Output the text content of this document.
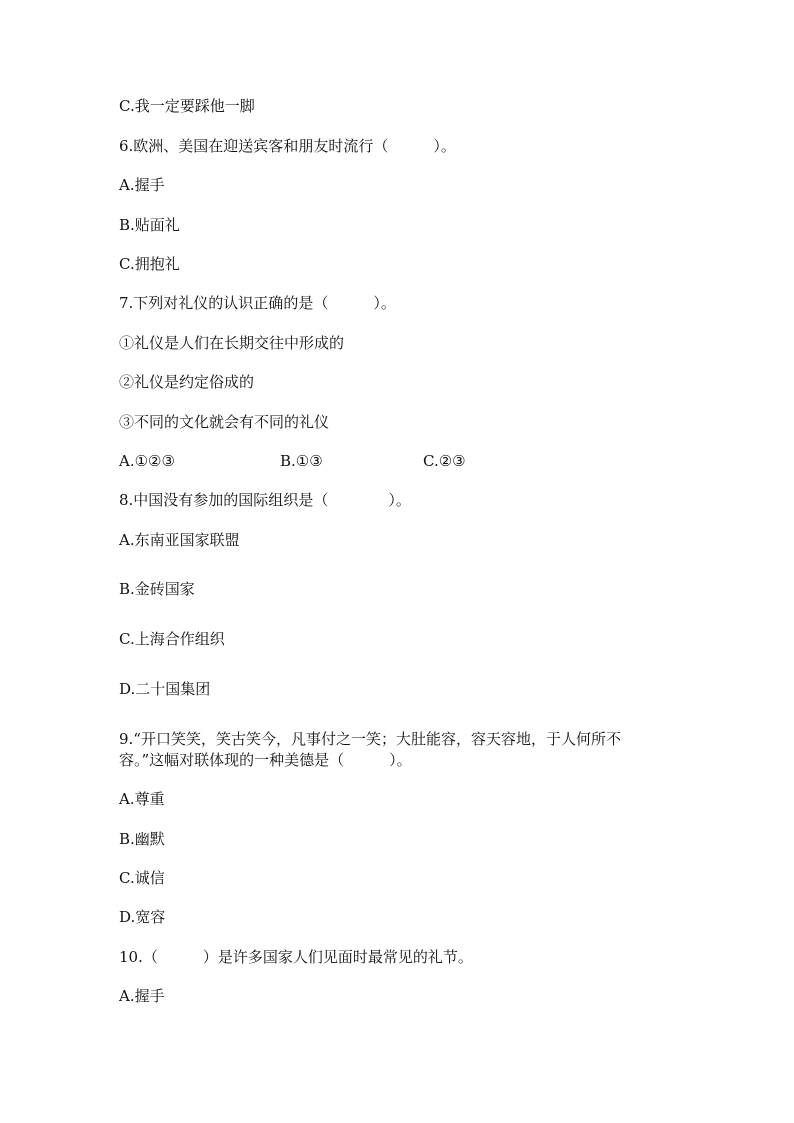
C.我一定要踩他一脚
6.欧洲、美国在迎送宾客和朋友时流行（　　　）。
A.握手
B.贴面礼
C.拥抱礼
7.下列对礼仪的认识正确的是（　　　）。
①礼仪是人们在长期交往中形成的
②礼仪是约定俗成的
③不同的文化就会有不同的礼仪
A.①②③	B.①③	C.②③
8.中国没有参加的国际组织是（　　　　）。
A.东南亚国家联盟
B.金砖国家
C.上海合作组织
D.二十国集团
9.“开口笑笑，笑古笑今，凡事付之一笑；大肚能容，容天容地，于人何所不
容。”这幅对联体现的一种美德是（　　　）。
A.尊重
B.幽默
C.诚信
D.宽容
10.（　　　）是许多国家人们见面时最常见的礼节。
A.握手
